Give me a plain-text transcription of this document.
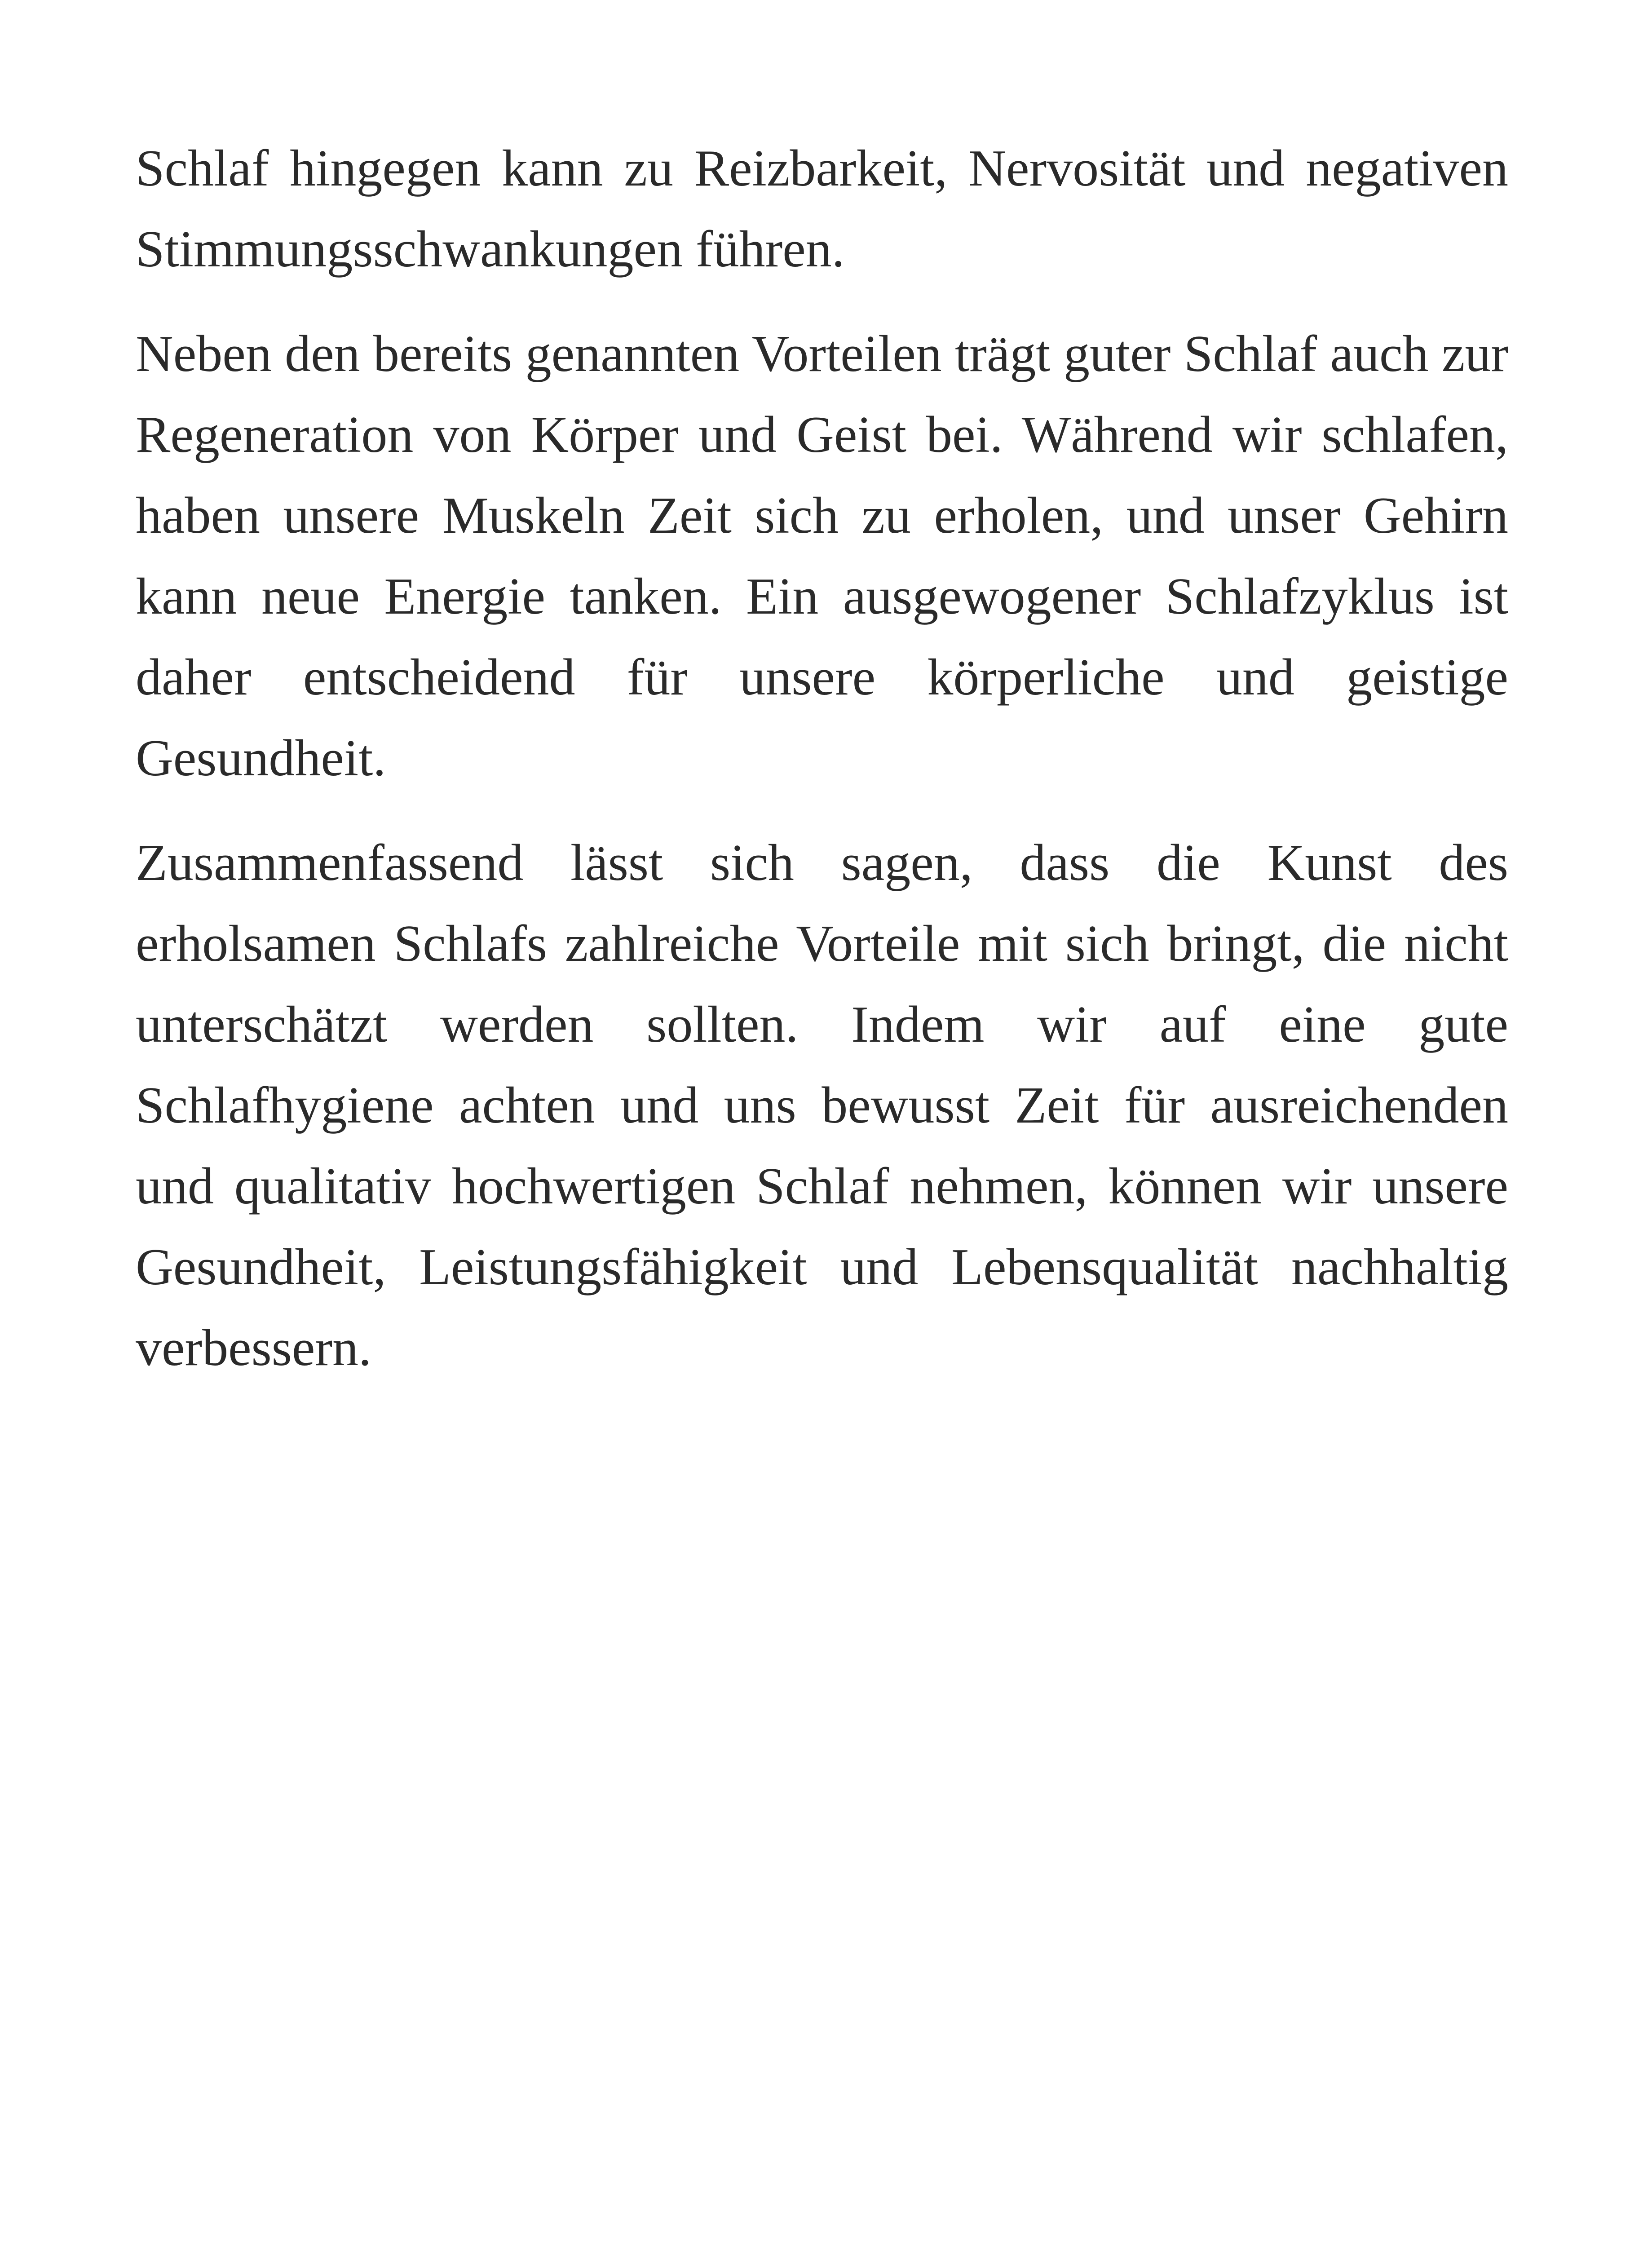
Schlaf hingegen kann zu Reizbarkeit, Nervosität und negativen Stimmungsschwankungen führen.

Neben den bereits genannten Vorteilen trägt guter Schlaf auch zur Regeneration von Körper und Geist bei. Während wir schlafen, haben unsere Muskeln Zeit sich zu erholen, und unser Gehirn kann neue Energie tanken. Ein ausgewogener Schlafzyklus ist daher entscheidend für unsere körperliche und geistige Gesundheit.

Zusammenfassend lässt sich sagen, dass die Kunst des erholsamen Schlafs zahlreiche Vorteile mit sich bringt, die nicht unterschätzt werden sollten. Indem wir auf eine gute Schlafhygiene achten und uns bewusst Zeit für ausreichenden und qualitativ hochwertigen Schlaf nehmen, können wir unsere Gesundheit, Leistungsfähigkeit und Lebensqualität nachhaltig verbessern.
